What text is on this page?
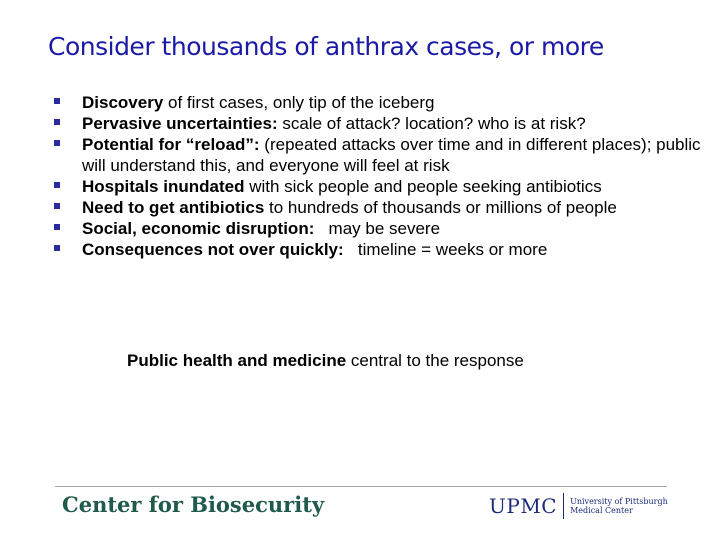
Consider thousands of anthrax cases, or more
Discovery of first cases, only tip of the iceberg
Pervasive uncertainties: scale of attack? location? who is at risk?
Potential for “reload”: (repeated attacks over time and in different places); public will understand this, and everyone will feel at risk
Hospitals inundated with sick people and people seeking antibiotics
Need to get antibiotics to hundreds of thousands or millions of people
Social, economic disruption:   may be severe
Consequences not over quickly:   timeline = weeks or more
Public health and medicine central to the response
Center for Biosecurity	UPMC	University of Pittsburgh
Medical Center
